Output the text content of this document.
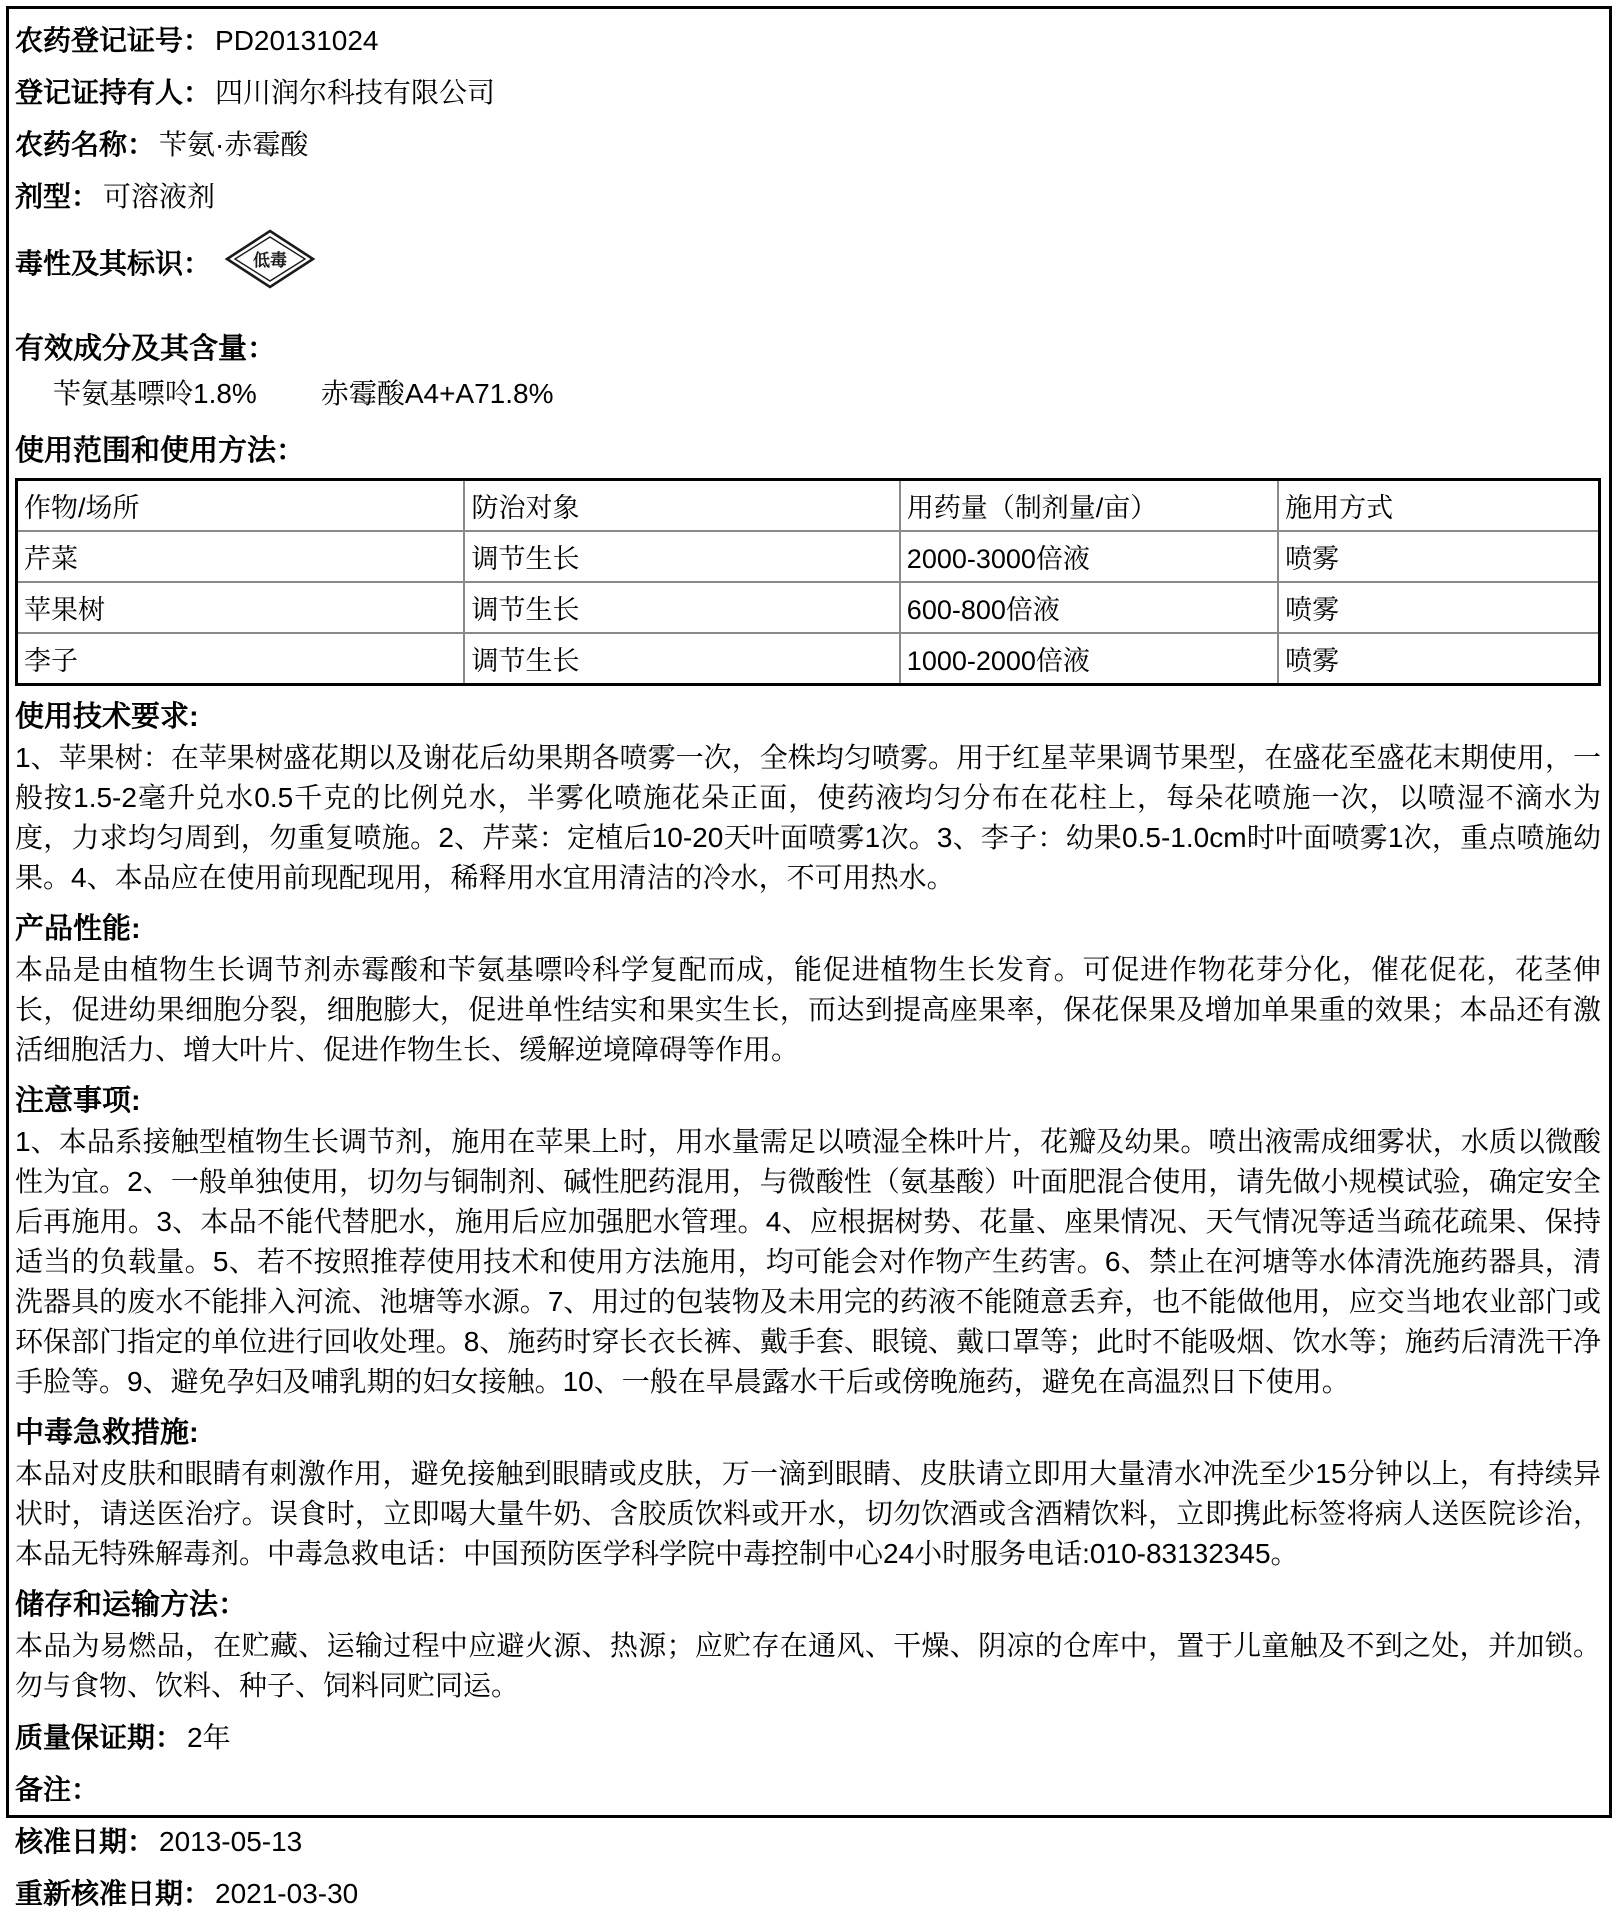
农药登记证号： PD20131024
登记证持有人： 四川润尔科技有限公司
农药名称： 苄氨·赤霉酸
剂型： 可溶液剂
毒性及其标识： 低毒
有效成分及其含量：
苄氨基嘌呤1.8% 赤霉酸A4+A71.8%
使用范围和使用方法：
作物/场所	防治对象	用药量（制剂量/亩）	施用方式
芹菜	调节生长	2000-3000倍液	喷雾
苹果树	调节生长	600-800倍液	喷雾
李子	调节生长	1000-2000倍液	喷雾
使用技术要求:
1、苹果树：在苹果树盛花期以及谢花后幼果期各喷雾一次，全株均匀喷雾。用于红星苹果调节果型，在盛花至盛花末期使用，一般按1.5-2毫升兑水0.5千克的比例兑水，半雾化喷施花朵正面，使药液均匀分布在花柱上，每朵花喷施一次，以喷湿不滴水为度，力求均匀周到，勿重复喷施。2、芹菜：定植后10-20天叶面喷雾1次。3、李子：幼果0.5-1.0cm时叶面喷雾1次，重点喷施幼果。4、本品应在使用前现配现用，稀释用水宜用清洁的冷水，不可用热水。
产品性能:
本品是由植物生长调节剂赤霉酸和苄氨基嘌呤科学复配而成，能促进植物生长发育。可促进作物花芽分化，催花促花，花茎伸长，促进幼果细胞分裂，细胞膨大，促进单性结实和果实生长，而达到提高座果率，保花保果及增加单果重的效果；本品还有激活细胞活力、增大叶片、促进作物生长、缓解逆境障碍等作用。
注意事项:
1、本品系接触型植物生长调节剂，施用在苹果上时，用水量需足以喷湿全株叶片，花瓣及幼果。喷出液需成细雾状，水质以微酸性为宜。2、一般单独使用，切勿与铜制剂、碱性肥药混用，与微酸性（氨基酸）叶面肥混合使用，请先做小规模试验，确定安全后再施用。3、本品不能代替肥水，施用后应加强肥水管理。4、应根据树势、花量、座果情况、天气情况等适当疏花疏果、保持适当的负载量。5、若不按照推荐使用技术和使用方法施用，均可能会对作物产生药害。6、禁止在河塘等水体清洗施药器具，清洗器具的废水不能排入河流、池塘等水源。7、用过的包装物及未用完的药液不能随意丢弃，也不能做他用，应交当地农业部门或环保部门指定的单位进行回收处理。8、施药时穿长衣长裤、戴手套、眼镜、戴口罩等；此时不能吸烟、饮水等；施药后清洗干净手脸等。9、避免孕妇及哺乳期的妇女接触。10、一般在早晨露水干后或傍晚施药，避免在高温烈日下使用。
中毒急救措施:
本品对皮肤和眼睛有刺激作用，避免接触到眼睛或皮肤，万一滴到眼睛、皮肤请立即用大量清水冲洗至少15分钟以上，有持续异状时，请送医治疗。误食时，立即喝大量牛奶、含胶质饮料或开水，切勿饮酒或含酒精饮料，立即携此标签将病人送医院诊治，本品无特殊解毒剂。中毒急救电话：中国预防医学科学院中毒控制中心24小时服务电话:010-83132345。
储存和运输方法：
本品为易燃品，在贮藏、运输过程中应避火源、热源；应贮存在通风、干燥、阴凉的仓库中，置于儿童触及不到之处，并加锁。勿与食物、饮料、种子、饲料同贮同运。
质量保证期： 2年
备注：
核准日期： 2013-05-13
重新核准日期： 2021-03-30
